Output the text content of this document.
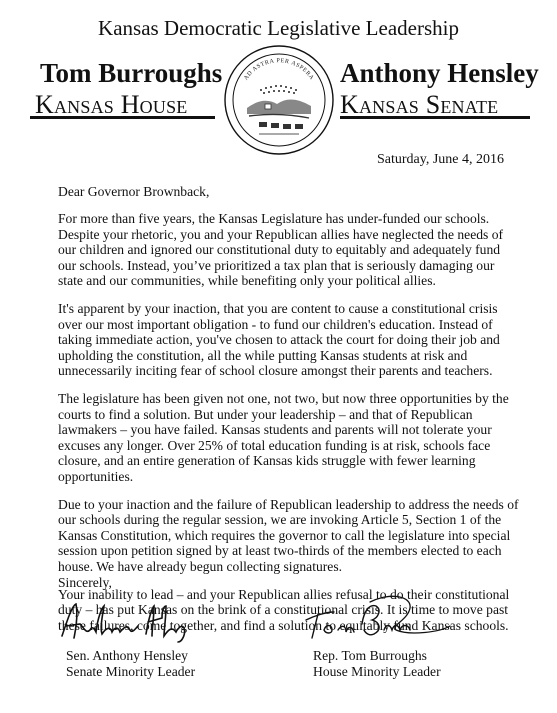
Kansas Democratic Legislative Leadership
Tom Burroughs
Kansas House
Anthony Hensley
Kansas Senate
AD ASTRA PER ASPERA
Saturday, June 4, 2016

Dear Governor Brownback,

For more than five years, the Kansas Legislature has under-funded our schools. Despite your rhetoric, you and your Republican allies have neglected the needs of our children and ignored our constitutional duty to equitably and adequately fund our schools. Instead, you’ve prioritized a tax plan that is seriously damaging our state and our communities, while benefiting only your political allies.

It's apparent by your inaction, that you are content to cause a constitutional crisis over our most important obligation - to fund our children's education. Instead of taking immediate action, you've chosen to attack the court for doing their job and upholding the constitution, all the while putting Kansas students at risk and unnecessarily inciting fear of school closure amongst their parents and teachers.

The legislature has been given not one, not two, but now three opportunities by the courts to find a solution. But under your leadership – and that of Republican lawmakers – you have failed. Kansas students and parents will not tolerate your excuses any longer. Over 25% of total education funding is at risk, schools face closure, and an entire generation of Kansas kids struggle with fewer learning opportunities.

Due to your inaction and the failure of Republican leadership to address the needs of our schools during the regular session, we are invoking Article 5, Section 1 of the Kansas Constitution, which requires the governor to call the legislature into special session upon petition signed by at least two-thirds of the members elected to each house. We have already begun collecting signatures.

Your inability to lead – and your Republican allies refusal to do their constitutional duty – has put Kansas on the brink of a constitutional crisis. It is time to move past these failures, come together, and find a solution to equitably fund Kansas schools.

Sincerely,
Sen. Anthony Hensley
Senate Minority Leader
Rep. Tom Burroughs
House Minority Leader
